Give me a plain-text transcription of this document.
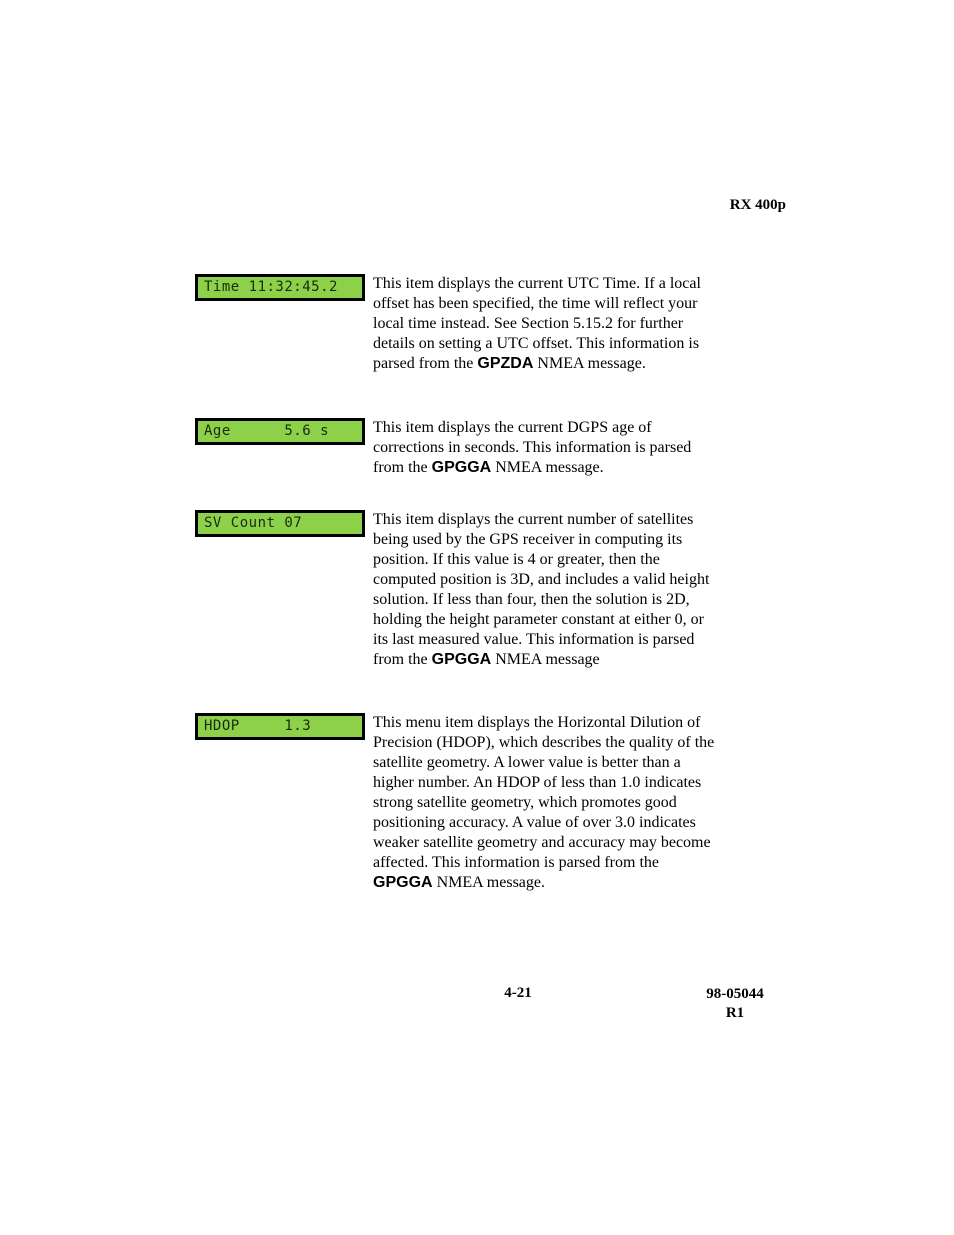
RX 400p
Time 11:32:45.2	This item displays the current UTC Time. If a local offset has been specified, the time will reflect your local time instead. See Section 5.15.2 for further details on setting a UTC offset. This information is parsed from the GPZDA NMEA message.
Age      5.6 s	This item displays the current DGPS age of corrections in seconds. This information is parsed from the GPGGA NMEA message.
SV Count 07	This item displays the current number of satellites being used by the GPS receiver in computing its position. If this value is 4 or greater, then the computed position is 3D, and includes a valid height solution. If less than four, then the solution is 2D, holding the height parameter constant at either 0, or its last measured value. This information is parsed from the GPGGA NMEA message
HDOP     1.3	This menu item displays the Horizontal Dilution of Precision (HDOP), which describes the quality of the satellite geometry. A lower value is better than a higher number. An HDOP of less than 1.0 indicates strong satellite geometry, which promotes good positioning accuracy. A value of over 3.0 indicates weaker satellite geometry and accuracy may become affected. This information is parsed from the GPGGA NMEA message.
4-21	98-05044
R1
